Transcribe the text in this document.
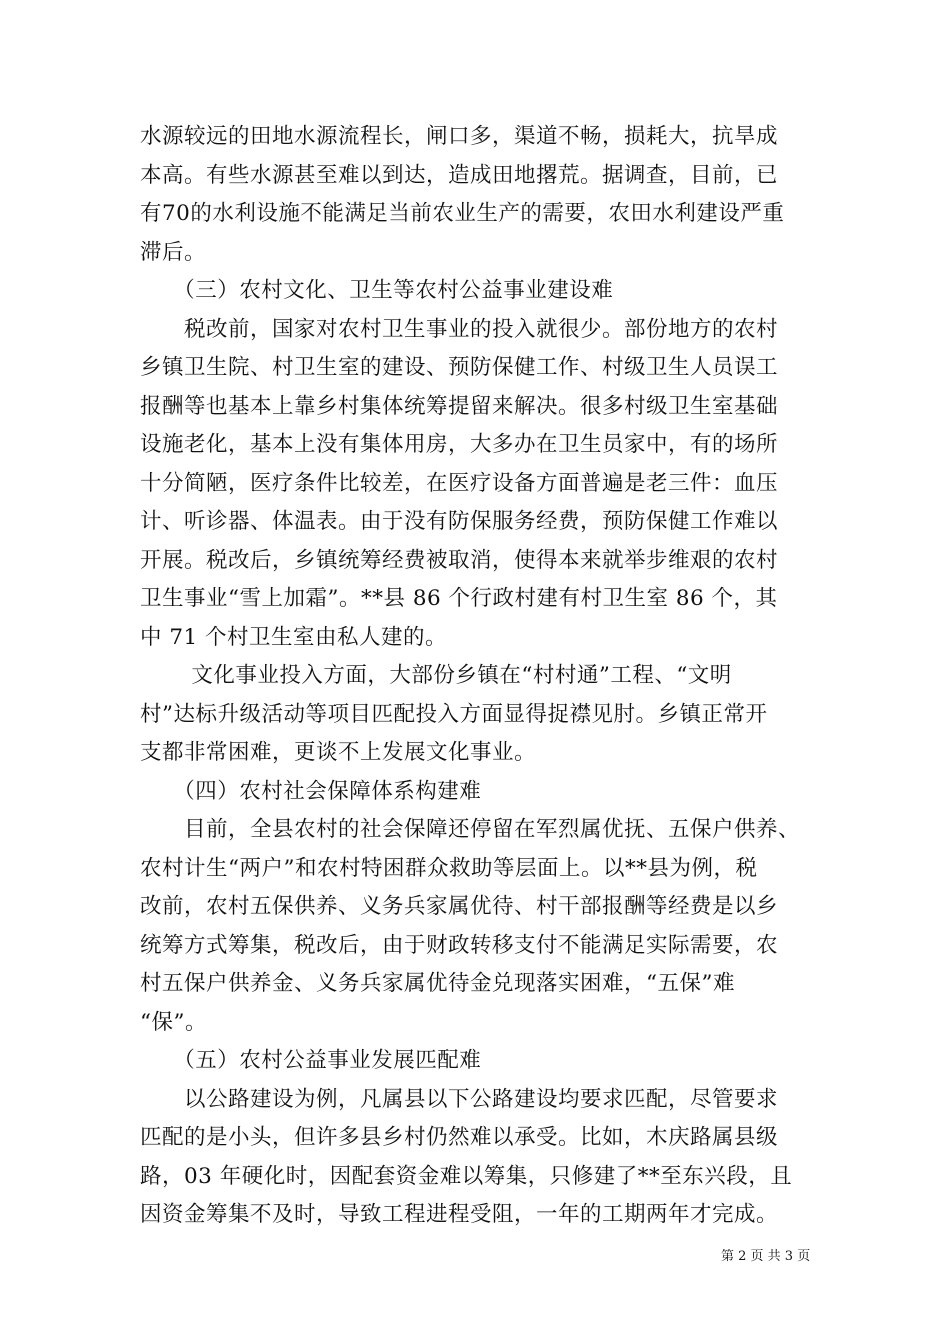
水源较远的田地水源流程长，闸口多，渠道不畅，损耗大，抗旱成
本高。有些水源甚至难以到达，造成田地撂荒。据调查，目前，已
有70的水利设施不能满足当前农业生产的需要，农田水利建设严重
滞后。
　　（三）农村文化、卫生等农村公益事业建设难
　　税改前，国家对农村卫生事业的投入就很少。部份地方的农村
乡镇卫生院、村卫生室的建设、预防保健工作、村级卫生人员误工
报酬等也基本上靠乡村集体统筹提留来解决。很多村级卫生室基础
设施老化，基本上没有集体用房，大多办在卫生员家中，有的场所
十分简陋，医疗条件比较差，在医疗设备方面普遍是老三件：血压
计、听诊器、体温表。由于没有防保服务经费，预防保健工作难以
开展。税改后，乡镇统筹经费被取消，使得本来就举步维艰的农村
卫生事业“雪上加霜”。**县 86 个行政村建有村卫生室 86 个，其
中 71 个村卫生室由私人建的。
　　 文化事业投入方面，大部份乡镇在“村村通”工程、“文明
村”达标升级活动等项目匹配投入方面显得捉襟见肘。乡镇正常开
支都非常困难，更谈不上发展文化事业。
　　（四）农村社会保障体系构建难
　　目前，全县农村的社会保障还停留在军烈属优抚、五保户供养、
农村计生“两户”和农村特困群众救助等层面上。以**县为例，税
改前，农村五保供养、义务兵家属优待、村干部报酬等经费是以乡
统筹方式筹集，税改后，由于财政转移支付不能满足实际需要，农
村五保户供养金、义务兵家属优待金兑现落实困难，“五保”难
“保”。
　　（五）农村公益事业发展匹配难
　　以公路建设为例，凡属县以下公路建设均要求匹配，尽管要求
匹配的是小头，但许多县乡村仍然难以承受。比如，木庆路属县级
路，03 年硬化时，因配套资金难以筹集，只修建了**至东兴段，且
因资金筹集不及时，导致工程进程受阻，一年的工期两年才完成。
第 2 页 共 3 页
